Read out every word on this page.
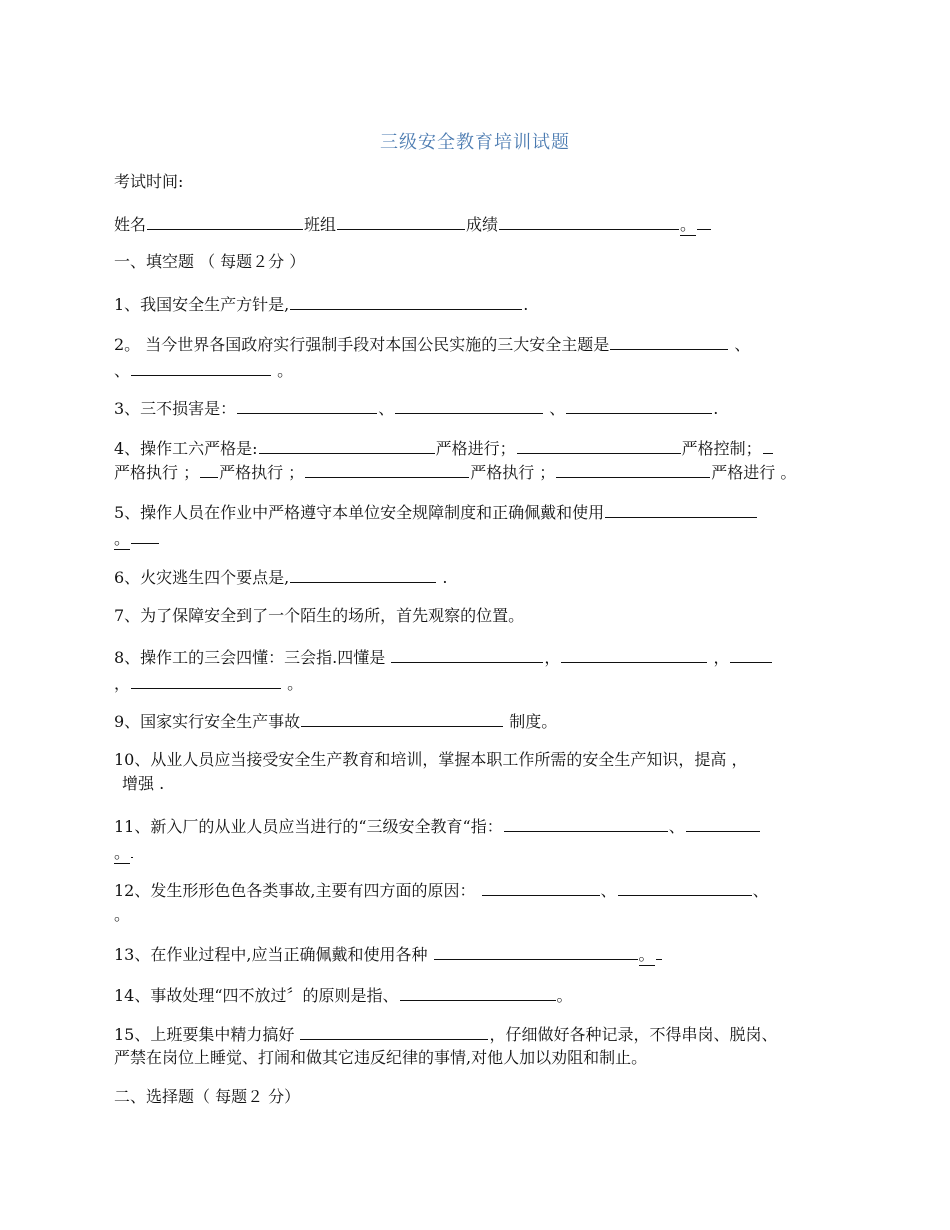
三级安全教育培训试题
考试时间:
姓名	班组	成绩	。
一、填空题 （ 每题２分 ）
1、我国安全生产方针是,	.
2。 当今世界各国政府实行强制手段对本国公民实施的三大安全主题是	、
、	。
3、三不损害是：	、	、	.
4、操作工六严格是:	严格进行；	严格控制；
严格执行 ； 严格执行 ；	严格执行 ；	严格进行 。
5、操作人员在作业中严格遵守本单位安全规障制度和正确佩戴和使用
。
6、火灾逃生四个要点是,	.
7、为了保障安全到了一个陌生的场所，首先观察的位置。
8、操作工的三会四懂：三会指.四懂是	，	，
，	。
9、国家实行安全生产事故	制度。
10、从业人员应当接受安全生产教育和培训，掌握本职工作所需的安全生产知识，提高 ，
增强 .
11、新入厂的从业人员应当进行的“三级安全教育“指：	、
。
12、发生形形色色各类事故,主要有四方面的原因：	、	、
。
13、在作业过程中,应当正确佩戴和使用各种	。
14、事故处理“四不放过〞的原则是指、	。
15、上班要集中精力搞好	，仔细做好各种记录，不得串岗、脱岗、
严禁在岗位上睡觉、打闹和做其它违反纪律的事情,对他人加以劝阻和制止。
二、选择题（ 每题２ 分）
